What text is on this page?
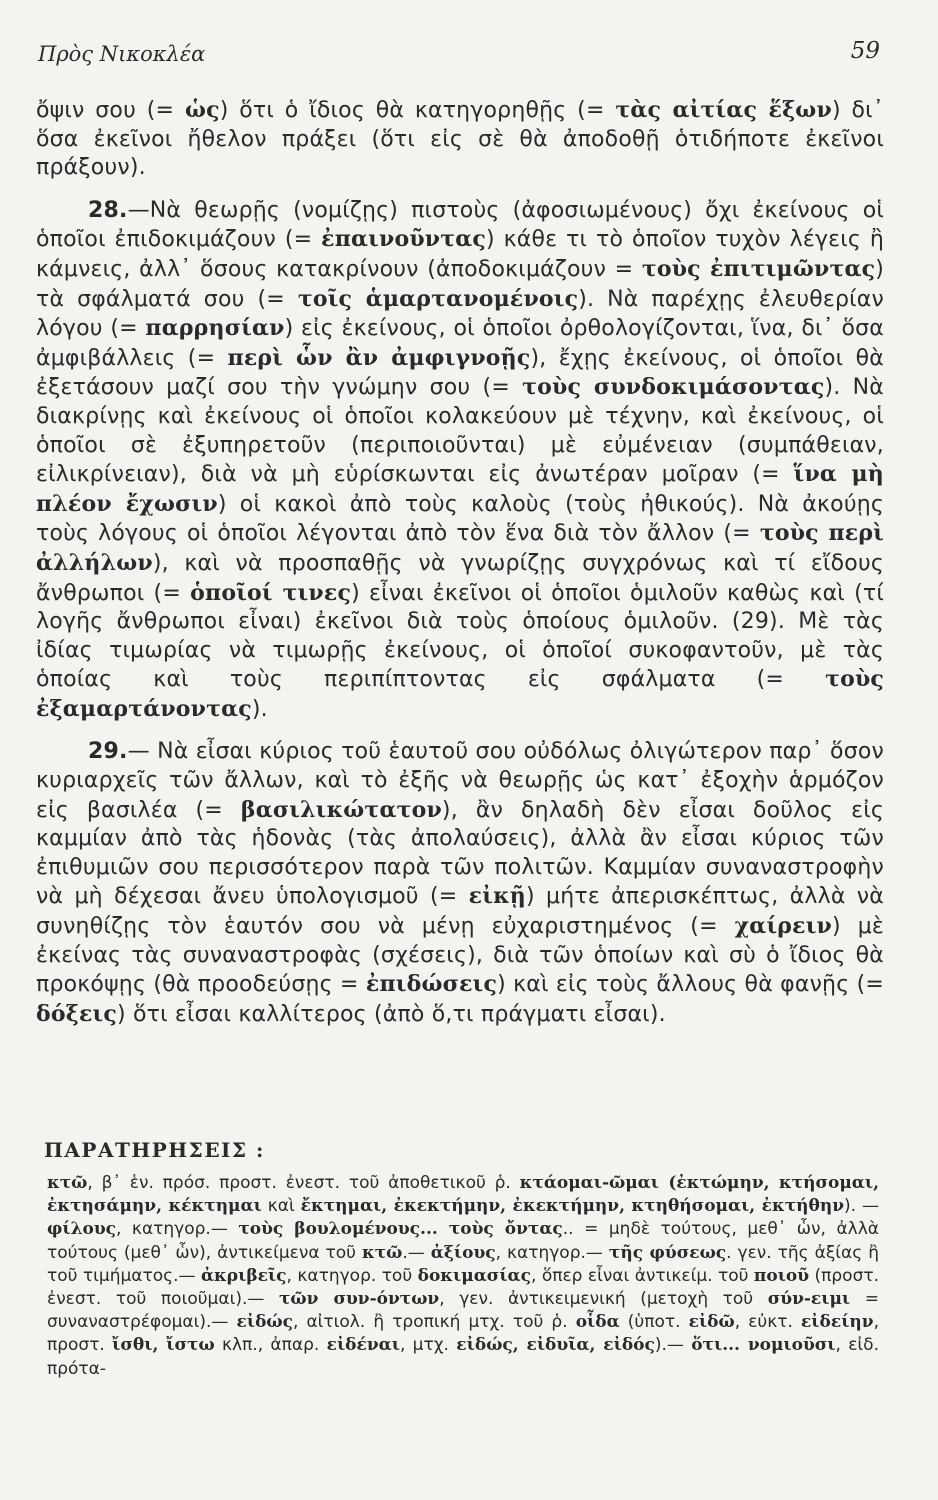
Πρὸς Νικοκλέα	59

ὄψιν σου (= ὡς) ὅτι ὁ ἴδιος θὰ κατηγορηθῇς (= τὰς αἰτίας ἕξων) δι᾽ ὅσα ἐκεῖνοι ἤθελον πράξει (ὅτι εἰς σὲ θὰ ἀποδοθῇ ὁτιδήποτε ἐκεῖνοι πράξουν).

28.—Νὰ θεωρῇς (νομίζῃς) πιστοὺς (ἀφοσιωμένους) ὄχι ἐκείνους οἱ ὁποῖοι ἐπιδοκιμάζουν (= ἐπαινοῦντας) κάθε τι τὸ ὁποῖον τυχὸν λέγεις ἢ κάμνεις, ἀλλ᾽ ὅσους κατακρίνουν (ἀποδοκιμάζουν = τοὺς ἐπιτιμῶντας) τὰ σφάλματά σου (= τοῖς ἁμαρτανομένοις). Νὰ παρέχῃς ἐλευθερίαν λόγου (= παρρησίαν) εἰς ἐκείνους, οἱ ὁποῖοι ὀρθολογίζονται, ἵνα, δι᾽ ὅσα ἀμφιβάλλεις (= περὶ ὧν ἂν ἀμφιγνοῇς), ἔχῃς ἐκείνους, οἱ ὁποῖοι θὰ ἐξετάσουν μαζί σου τὴν γνώμην σου (= τοὺς συνδοκιμάσοντας). Νὰ διακρίνῃς καὶ ἐκείνους οἱ ὁποῖοι κολακεύουν μὲ τέχνην, καὶ ἐκείνους, οἱ ὁποῖοι σὲ ἐξυπηρετοῦν (περιποιοῦνται) μὲ εὐμένειαν (συμπάθειαν, εἰλικρίνειαν), διὰ νὰ μὴ εὑρίσκωνται εἰς ἀνωτέραν μοῖραν (= ἵνα μὴ πλέον ἔχωσιν) οἱ κακοὶ ἀπὸ τοὺς καλοὺς (τοὺς ἠθικούς). Νὰ ἀκούῃς τοὺς λόγους οἱ ὁποῖοι λέγονται ἀπὸ τὸν ἕνα διὰ τὸν ἄλλον (= τοὺς περὶ ἀλλήλων), καὶ νὰ προσπαθῇς νὰ γνωρίζῃς συγχρόνως καὶ τί εἴδους ἄνθρωποι (= ὁποῖοί τινες) εἶναι ἐκεῖνοι οἱ ὁποῖοι ὁμιλοῦν καθὼς καὶ (τί λογῆς ἄνθρωποι εἶναι) ἐκεῖνοι διὰ τοὺς ὁποίους ὁμιλοῦν. (29). Μὲ τὰς ἰδίας τιμωρίας νὰ τιμωρῇς ἐκείνους, οἱ ὁποῖοί συκοφαντοῦν, μὲ τὰς ὁποίας καὶ τοὺς περιπίπτοντας εἰς σφάλματα (= τοὺς ἐξαμαρτάνοντας).

29.— Νὰ εἶσαι κύριος τοῦ ἑαυτοῦ σου οὐδόλως ὀλιγώτερον παρ᾽ ὅσον κυριαρχεῖς τῶν ἄλλων, καὶ τὸ ἐξῆς νὰ θεωρῇς ὡς κατ᾽ ἐξοχὴν ἁρμόζον εἰς βασιλέα (= βασιλικώτατον), ἂν δηλαδὴ δὲν εἶσαι δοῦλος εἰς καμμίαν ἀπὸ τὰς ἡδονὰς (τὰς ἀπολαύσεις), ἀλλὰ ἂν εἶσαι κύριος τῶν ἐπιθυμιῶν σου περισσότερον παρὰ τῶν πολιτῶν. Καμμίαν συναναστροφὴν νὰ μὴ δέχεσαι ἄνευ ὑπολογισμοῦ (= εἰκῇ) μήτε ἀπερισκέπτως, ἀλλὰ νὰ συνηθίζῃς τὸν ἑαυτόν σου νὰ μένῃ εὐχαριστημένος (= χαίρειν) μὲ ἐκείνας τὰς συναναστροφὰς (σχέσεις), διὰ τῶν ὁποίων καὶ σὺ ὁ ἴδιος θὰ προκόψῃς (θὰ προοδεύσῃς = ἐπιδώσεις) καὶ εἰς τοὺς ἄλλους θὰ φανῇς (= δόξεις) ὅτι εἶσαι καλλίτερος (ἀπὸ ὅ,τι πράγματι εἶσαι).

ΠΑΡΑΤΗΡΗΣΕΙΣ :
κτῶ, β᾽ ἑν. πρόσ. προστ. ἐνεστ. τοῦ ἀποθετικοῦ ῥ. κτάομαι-ῶμαι (ἐκτώμην, κτήσομαι, ἐκτησάμην, κέκτημαι καὶ ἔκτημαι, ἐκεκτήμην, ἐκεκτήμην, κτηθήσομαι, ἐκτήθην). — φίλους, κατηγορ.— τοὺς βουλομένους... τοὺς ὄντας.. = μηδὲ τούτους, μεθ᾽ ὧν, ἀλλὰ τούτους (μεθ᾽ ὧν), ἀντικείμενα τοῦ κτῶ.— ἀξίους, κατηγορ.— τῆς φύσεως. γεν. τῆς ἀξίας ἢ τοῦ τιμήματος.— ἀκριβεῖς, κατηγορ. τοῦ δοκιμασίας, ὅπερ εἶναι ἀντικείμ. τοῦ ποιοῦ (προστ. ἐνεστ. τοῦ ποιοῦμαι).— τῶν συν-όντων, γεν. ἀντικειμενική (μετοχὴ τοῦ σύν-ειμι = συναναστρέφομαι).— εἰδώς, αἰτιολ. ἢ τροπική μτχ. τοῦ ῥ. οἶδα (ὑποτ. εἰδῶ, εὐκτ. εἰδείην, προστ. ἴσθι, ἴστω κλπ., ἀπαρ. εἰδέναι, μτχ. εἰδώς, εἰδυῖα, εἰδός).— ὅτι... νομιοῦσι, εἰδ. πρότα-
